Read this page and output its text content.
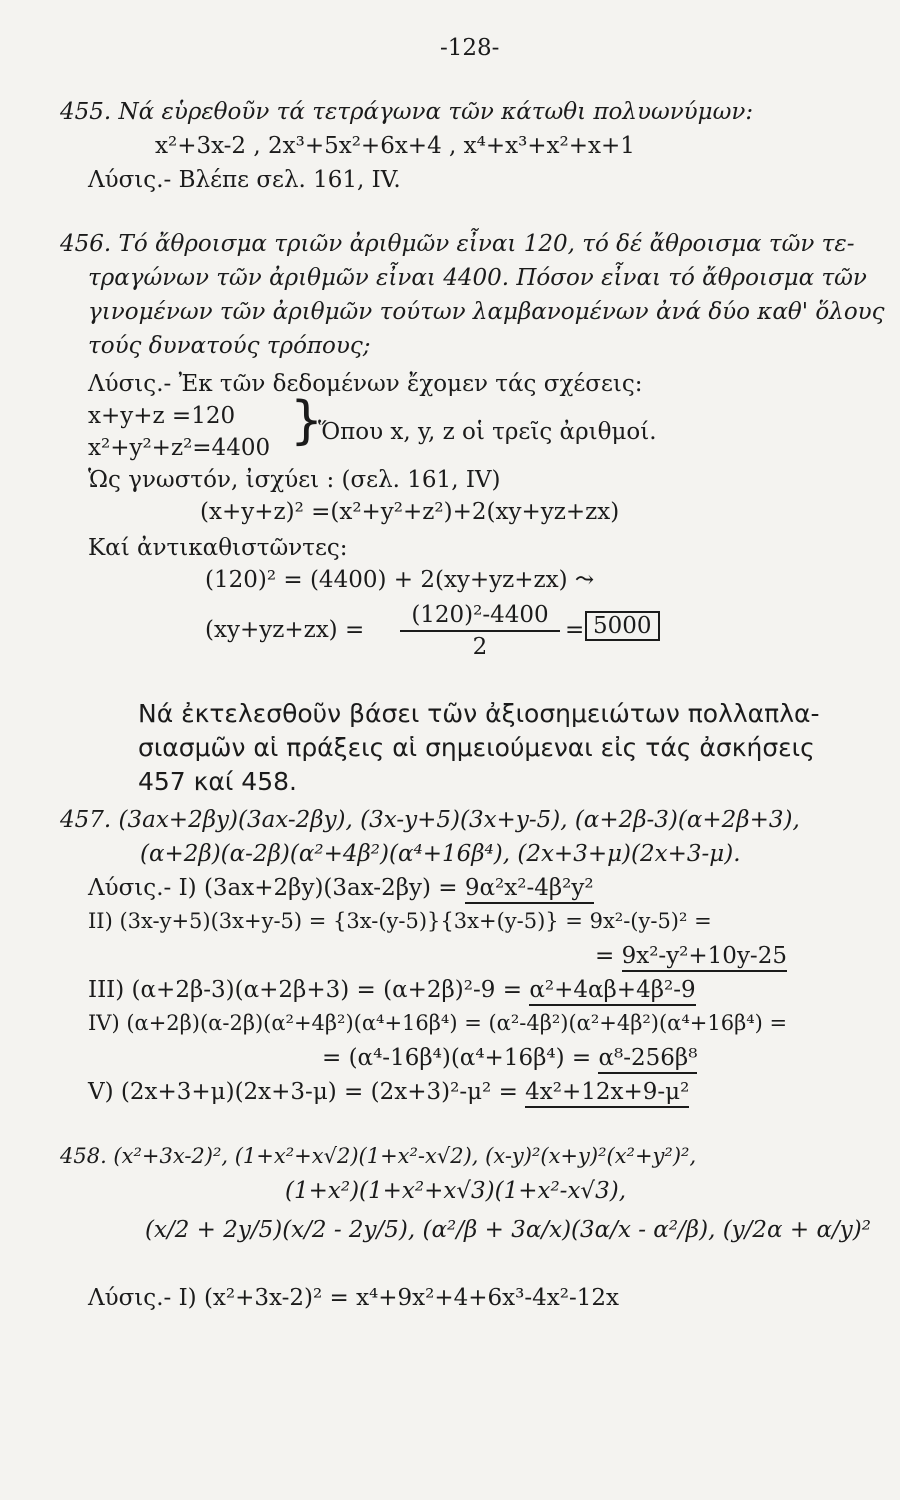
-128-
455. Νά εὑρεθοῦν τά τετράγωνα τῶν κάτωθι πολυωνύμων:
x²+3x-2 , 2x³+5x²+6x+4 , x⁴+x³+x²+x+1
Λύσις.- Βλέπε σελ. 161, IV.
456. Τό ἄθροισμα τριῶν ἀριθμῶν εἶναι 120, τό δέ ἄθροισμα τῶν τε-
τραγώνων τῶν ἀριθμῶν εἶναι 4400. Πόσον εἶναι τό ἄθροισμα τῶν
γινομένων τῶν ἀριθμῶν τούτων λαμβανομένων ἀνά δύο καθ' ὅλους
τούς δυνατούς τρόπους;
Λύσις.- Ἐκ τῶν δεδομένων ἔχομεν τάς σχέσεις:
x+y+z =120
x²+y²+z²=4400 }
Ὅπου x, y, z οἱ τρεῖς ἀριθμοί.
Ὡς γνωστόν, ἰσχύει : (σελ. 161, IV)
(x+y+z)² =(x²+y²+z²)+2(xy+yz+zx)
Καί ἀντικαθιστῶντες:
(120)² = (4400) + 2(xy+yz+zx) ⤳
(xy+yz+zx) =
(120)²-4400
2
= 5000
Νά ἐκτελεσθοῦν βάσει τῶν ἀξιοσημειώτων πολλαπλα-
σιασμῶν αἱ πράξεις αἱ σημειούμεναι εἰς τάς ἀσκήσεις
457 καί 458.
457. (3ax+2βy)(3ax-2βy), (3x-y+5)(3x+y-5), (α+2β-3)(α+2β+3),
(α+2β)(α-2β)(α²+4β²)(α⁴+16β⁴), (2x+3+μ)(2x+3-μ).
Λύσις.- I) (3ax+2βy)(3ax-2βy) = 9α²x²-4β²y²
II) (3x-y+5)(3x+y-5) = {3x-(y-5)}{3x+(y-5)} = 9x²-(y-5)² =
= 9x²-y²+10y-25
III) (α+2β-3)(α+2β+3) = (α+2β)²-9 = α²+4αβ+4β²-9
IV) (α+2β)(α-2β)(α²+4β²)(α⁴+16β⁴) = (α²-4β²)(α²+4β²)(α⁴+16β⁴) =
= (α⁴-16β⁴)(α⁴+16β⁴) = α⁸-256β⁸
V) (2x+3+μ)(2x+3-μ) = (2x+3)²-μ² = 4x²+12x+9-μ²
458. (x²+3x-2)², (1+x²+x√2)(1+x²-x√2), (x-y)²(x+y)²(x²+y²)²,
(1+x²)(1+x²+x√3)(1+x²-x√3),
(x/2 + 2y/5)(x/2 - 2y/5), (α²/β + 3α/x)(3α/x - α²/β), (y/2α + α/y)²
Λύσις.- I) (x²+3x-2)² = x⁴+9x²+4+6x³-4x²-12x
